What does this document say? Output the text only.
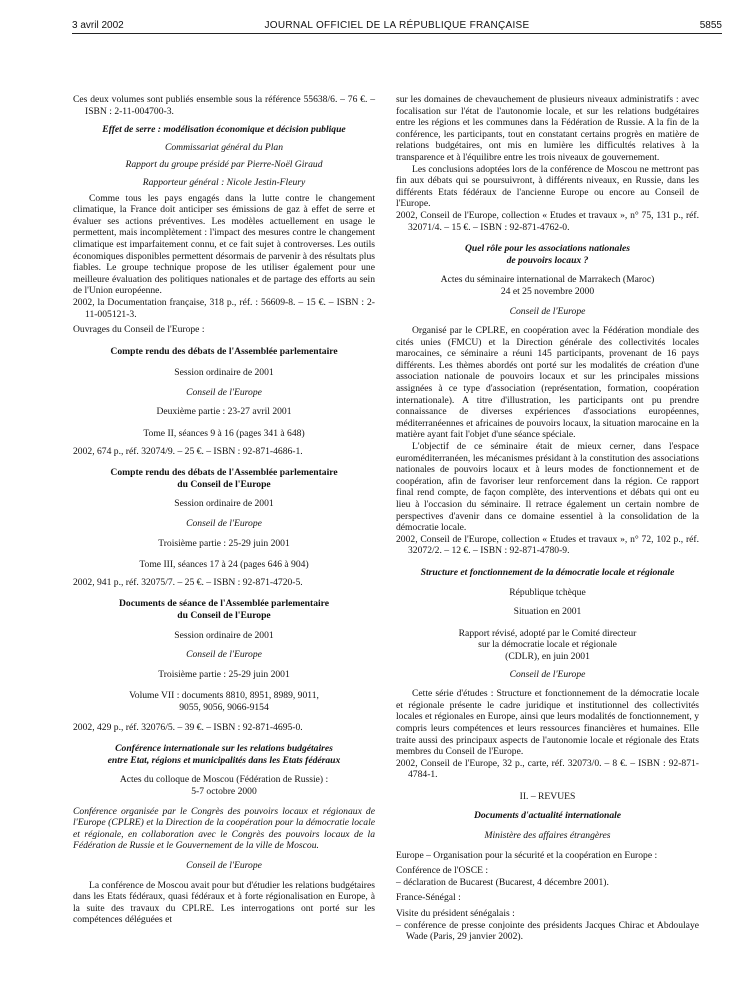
3 avril 2002	JOURNAL OFFICIEL DE LA RÉPUBLIQUE FRANÇAISE	5855

Ces deux volumes sont publiés ensemble sous la référence 55638/6. – 76 €. – ISBN : 2-11-004700-3.

Effet de serre : modélisation économique et décision publique

Commissariat général du Plan

Rapport du groupe présidé par Pierre-Noël Giraud

Rapporteur général : Nicole Jestin-Fleury

Comme tous les pays engagés dans la lutte contre le changement climatique, la France doit anticiper ses émissions de gaz à effet de serre et évaluer ses actions préventives. Les modèles actuellement en usage le permettent, mais incomplètement : l'impact des mesures contre le changement climatique est imparfaitement connu, et ce fait sujet à controverses. Les outils économiques disponibles permettent désormais de parvenir à des résultats plus fiables. Le groupe technique propose de les utiliser également pour une meilleure évaluation des politiques nationales et de partage des efforts au sein de l'Union européenne.

2002, la Documentation française, 318 p., réf. : 56609-8. – 15 €. – ISBN : 2-11-005121-3.

Ouvrages du Conseil de l'Europe :

Compte rendu des débats de l'Assemblée parlementaire

Session ordinaire de 2001

Conseil de l'Europe

Deuxième partie : 23-27 avril 2001

Tome II, séances 9 à 16 (pages 341 à 648)

2002, 674 p., réf. 32074/9. – 25 €. – ISBN : 92-871-4686-1.

Compte rendu des débats de l'Assemblée parlementaire

du Conseil de l'Europe

Session ordinaire de 2001

Conseil de l'Europe

Troisième partie : 25-29 juin 2001

Tome III, séances 17 à 24 (pages 646 à 904)

2002, 941 p., réf. 32075/7. – 25 €. – ISBN : 92-871-4720-5.

Documents de séance de l'Assemblée parlementaire

du Conseil de l'Europe

Session ordinaire de 2001

Conseil de l'Europe

Troisième partie : 25-29 juin 2001

Volume VII : documents 8810, 8951, 8989, 9011,

9055, 9056, 9066-9154

2002, 429 p., réf. 32076/5. – 39 €. – ISBN : 92-871-4695-0.

Conférence internationale sur les relations budgétaires

entre Etat, régions et municipalités dans les Etats fédéraux

Actes du colloque de Moscou (Fédération de Russie) :

5-7 octobre 2000

Conférence organisée par le Congrès des pouvoirs locaux et régionaux de l'Europe (CPLRE) et la Direction de la coopération pour la démocratie locale et régionale, en collaboration avec le Congrès des pouvoirs locaux de la Fédération de Russie et le Gouvernement de la ville de Moscou.

Conseil de l'Europe

La conférence de Moscou avait pour but d'étudier les relations budgétaires dans les Etats fédéraux, quasi fédéraux et à forte régionalisation en Europe, à la suite des travaux du CPLRE. Les interrogations ont porté sur les compétences déléguées et

sur les domaines de chevauchement de plusieurs niveaux administratifs : avec focalisation sur l'état de l'autonomie locale, et sur les relations budgétaires entre les régions et les communes dans la Fédération de Russie. A la fin de la conférence, les participants, tout en constatant certains progrès en matière de relations budgétaires, ont mis en lumière les difficultés relatives à la transparence et à l'équilibre entre les trois niveaux de gouvernement.

Les conclusions adoptées lors de la conférence de Moscou ne mettront pas fin aux débats qui se poursuivront, à différents niveaux, en Russie, dans les différents Etats fédéraux de l'ancienne Europe ou encore au Conseil de l'Europe.

2002, Conseil de l'Europe, collection « Etudes et travaux », n° 75, 131 p., réf. 32071/4. – 15 €. – ISBN : 92-871-4762-0.

Quel rôle pour les associations nationales

de pouvoirs locaux ?

Actes du séminaire international de Marrakech (Maroc)

24 et 25 novembre 2000

Conseil de l'Europe

Organisé par le CPLRE, en coopération avec la Fédération mondiale des cités unies (FMCU) et la Direction générale des collectivités locales marocaines, ce séminaire a réuni 145 participants, provenant de 16 pays différents. Les thèmes abordés ont porté sur les modalités de création d'une association nationale de pouvoirs locaux et sur les principales missions assignées à ce type d'association (représentation, formation, coopération internationale). A titre d'illustration, les participants ont pu prendre connaissance de diverses expériences d'associations européennes, méditerranéennes et africaines de pouvoirs locaux, la situation marocaine en la matière ayant fait l'objet d'une séance spéciale.

L'objectif de ce séminaire était de mieux cerner, dans l'espace euroméditerranéen, les mécanismes présidant à la constitution des associations nationales de pouvoirs locaux et à leurs modes de fonctionnement et de coopération, afin de favoriser leur renforcement dans la région. Ce rapport final rend compte, de façon complète, des interventions et débats qui ont eu lieu à l'occasion du séminaire. Il retrace également un certain nombre de perspectives d'avenir dans ce domaine essentiel à la consolidation de la démocratie locale.

2002, Conseil de l'Europe, collection « Etudes et travaux », n° 72, 102 p., réf. 32072/2. – 12 €. – ISBN : 92-871-4780-9.

Structure et fonctionnement de la démocratie locale et régionale

République tchèque

Situation en 2001

Rapport révisé, adopté par le Comité directeur

sur la démocratie locale et régionale

(CDLR), en juin 2001

Conseil de l'Europe

Cette série d'études : Structure et fonctionnement de la démocratie locale et régionale présente le cadre juridique et institutionnel des collectivités locales et régionales en Europe, ainsi que leurs modalités de fonctionnement, y compris leurs compétences et leurs ressources financières et humaines. Elle traite aussi des principaux aspects de l'autonomie locale et régionale des Etats membres du Conseil de l'Europe.

2002, Conseil de l'Europe, 32 p., carte, réf. 32073/0. – 8 €. – ISBN : 92-871-4784-1.

II. – REVUES

Documents d'actualité internationale

Ministère des affaires étrangères

Europe – Organisation pour la sécurité et la coopération en Europe :

Conférence de l'OSCE :

– déclaration de Bucarest (Bucarest, 4 décembre 2001).

France-Sénégal :

Visite du président sénégalais :

– conférence de presse conjointe des présidents Jacques Chirac et Abdoulaye Wade (Paris, 29 janvier 2002).
